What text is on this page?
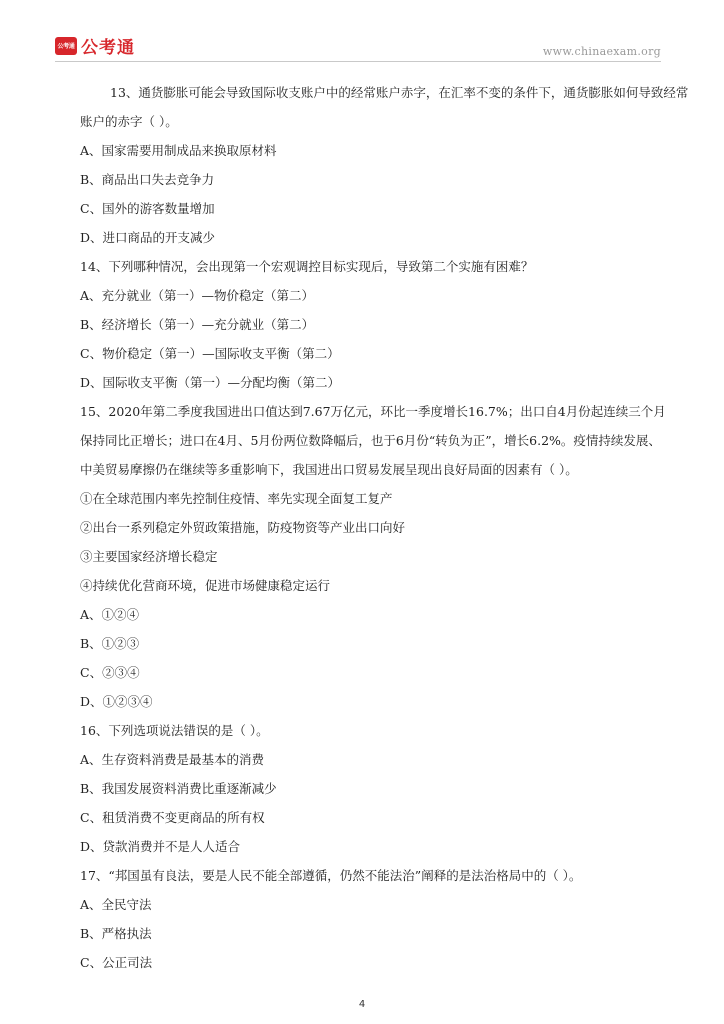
公考通 公考通	www.chinaexam.org
13、通货膨胀可能会导致国际收支账户中的经常账户赤字，在汇率不变的条件下，通货膨胀如何导致经常
账户的赤字（ ）。
A、国家需要用制成品来换取原材料
B、商品出口失去竞争力
C、国外的游客数量增加
D、进口商品的开支减少
14、下列哪种情况，会出现第一个宏观调控目标实现后，导致第二个实施有困难？
A、充分就业（第一）—物价稳定（第二）
B、经济增长（第一）—充分就业（第二）
C、物价稳定（第一）—国际收支平衡（第二）
D、国际收支平衡（第一）—分配均衡（第二）
15、2020年第二季度我国进出口值达到7.67万亿元，环比一季度增长16.7%；出口自4月份起连续三个月
保持同比正增长；进口在4月、5月份两位数降幅后，也于6月份“转负为正”，增长6.2%。疫情持续发展、
中美贸易摩擦仍在继续等多重影响下，我国进出口贸易发展呈现出良好局面的因素有（ ）。
①在全球范围内率先控制住疫情、率先实现全面复工复产
②出台一系列稳定外贸政策措施，防疫物资等产业出口向好
③主要国家经济增长稳定
④持续优化营商环境，促进市场健康稳定运行
A、①②④
B、①②③
C、②③④
D、①②③④
16、下列选项说法错误的是（ ）。
A、生存资料消费是最基本的消费
B、我国发展资料消费比重逐渐减少
C、租赁消费不变更商品的所有权
D、贷款消费并不是人人适合
17、“邦国虽有良法，要是人民不能全部遵循，仍然不能法治”阐释的是法治格局中的（ ）。
A、全民守法
B、严格执法
C、公正司法
4
